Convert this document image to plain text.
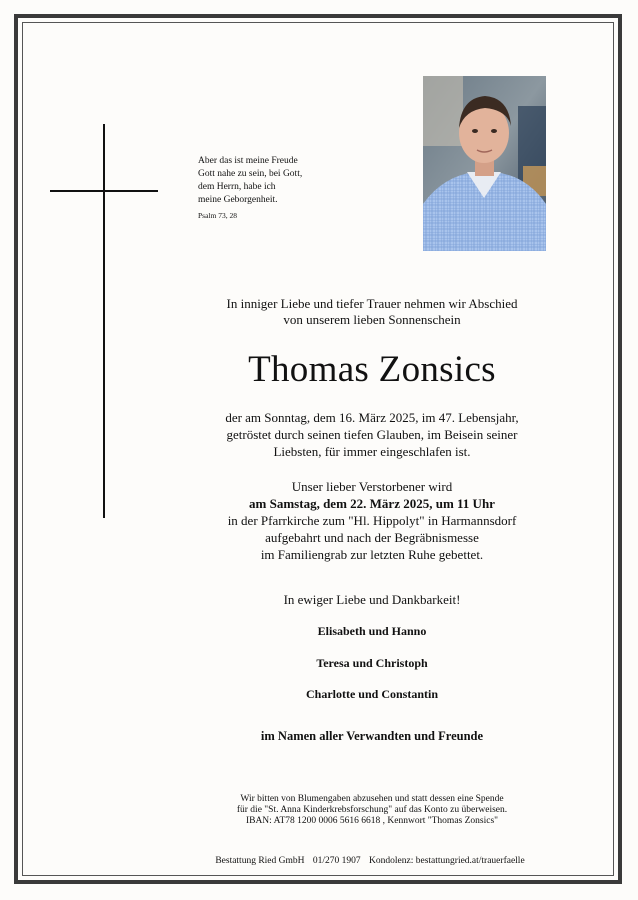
Aber das ist meine Freude
Gott nahe zu sein, bei Gott,
dem Herrn, habe ich
meine Geborgenheit.
Psalm 73, 28
In inniger Liebe und tiefer Trauer nehmen wir Abschied
von unserem lieben Sonnenschein
Thomas Zonsics
der am Sonntag, dem 16. März 2025, im 47. Lebensjahr,
getröstet durch seinen tiefen Glauben, im Beisein seiner
Liebsten, für immer eingeschlafen ist.
Unser lieber Verstorbener wird
am Samstag, dem 22. März 2025, um 11 Uhr
in der Pfarrkirche zum "Hl. Hippolyt" in Harmannsdorf
aufgebahrt und nach der Begräbnismesse
im Familiengrab zur letzten Ruhe gebettet.
In ewiger Liebe und Dankbarkeit!
Elisabeth und Hanno
Teresa und Christoph
Charlotte und Constantin
im Namen aller Verwandten und Freunde
Wir bitten von Blumengaben abzusehen und statt dessen eine Spende
für die "St. Anna Kinderkrebsforschung" auf das Konto zu überweisen.
IBAN: AT78 1200 0006 5616 6618 , Kennwort "Thomas Zonsics"
Bestattung Ried GmbH 01/270 1907 Kondolenz: bestattungried.at/trauerfaelle
